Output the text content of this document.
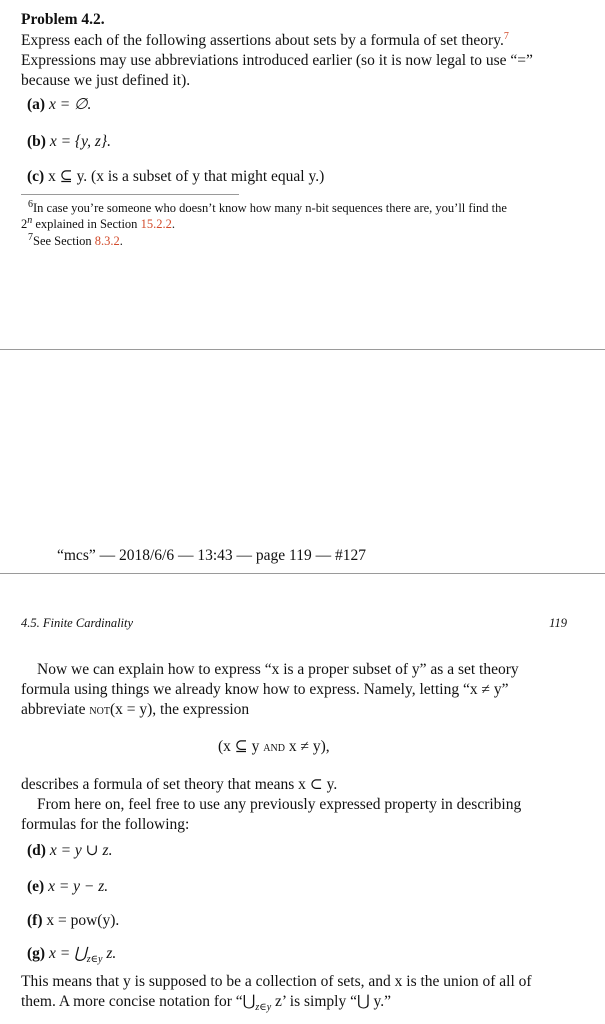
Problem 4.2.
Express each of the following assertions about sets by a formula of set theory.$^7$
Expressions may use abbreviations introduced earlier (so it is now legal to use “=”
because we just defined it).
(a) x = ∅.
(b) x = {y, z}.
(c) x ⊆ y. (x is a subset of y that might equal y.)
$^6$In case you’re someone who doesn’t know how many n-bit sequences there are, you’ll find the
2$^n$ explained in Section 15.2.2.
$^7$See Section 8.3.2.
“mcs” — 2018/6/6 — 13:43 — page 119 — #127
4.5. Finite Cardinality	119
Now we can explain how to express “x is a proper subset of y” as a set theory
formula using things we already know how to express. Namely, letting “x ≠ y”
abbreviate not(x = y), the expression
(x ⊆ y and x ≠ y),
describes a formula of set theory that means x ⊂ y.
From here on, feel free to use any previously expressed property in describing
formulas for the following:
(d) x = y ∪ z.
(e) x = y − z.
(f) x = pow(y).
(g) $x = ⋃_{z\in y}$ z.
This means that y is supposed to be a collection of sets, and x is the union of all of
them. A more concise notation for “$⋃_{z\in y}$ z’ is simply “⋃ y.”
